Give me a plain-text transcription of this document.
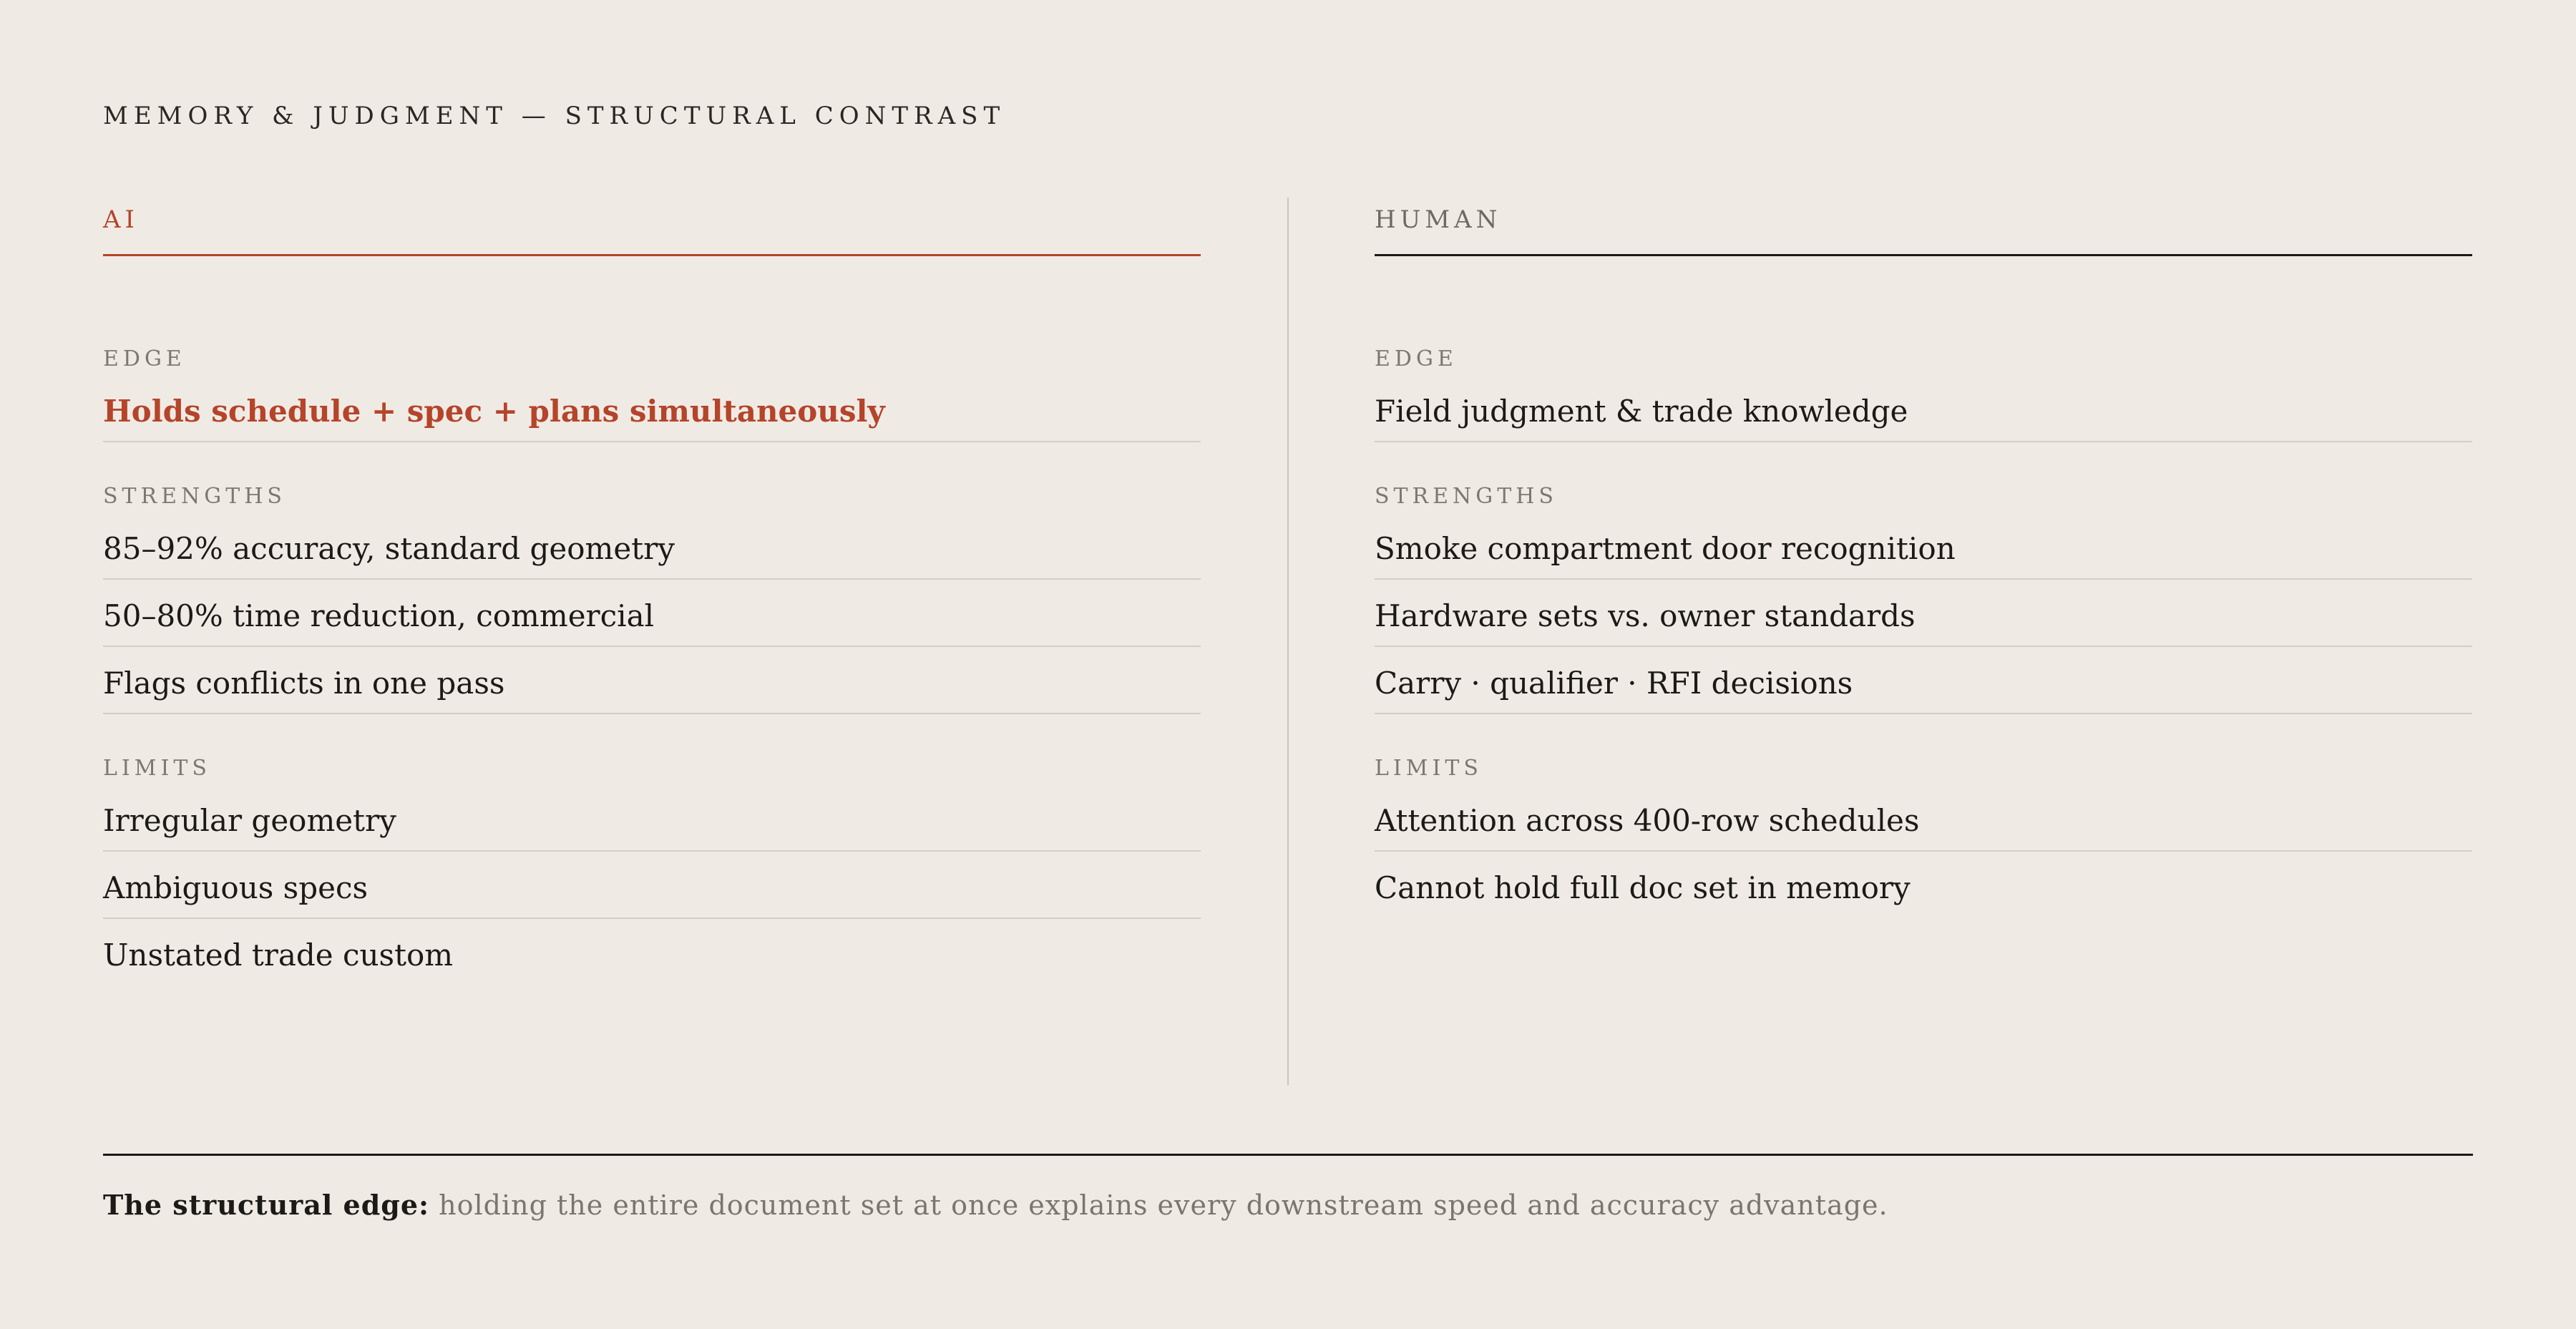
MEMORY & JUDGMENT — STRUCTURAL CONTRAST
AI
EDGE
Holds schedule + spec + plans simultaneously
STRENGTHS
85–92% accuracy, standard geometry
50–80% time reduction, commercial
Flags conflicts in one pass
LIMITS
Irregular geometry
Ambiguous specs
Unstated trade custom
HUMAN
EDGE
Field judgment & trade knowledge
STRENGTHS
Smoke compartment door recognition
Hardware sets vs. owner standards
Carry · qualifier · RFI decisions
LIMITS
Attention across 400-row schedules
Cannot hold full doc set in memory
The structural edge: holding the entire document set at once explains every downstream speed and accuracy advantage.
